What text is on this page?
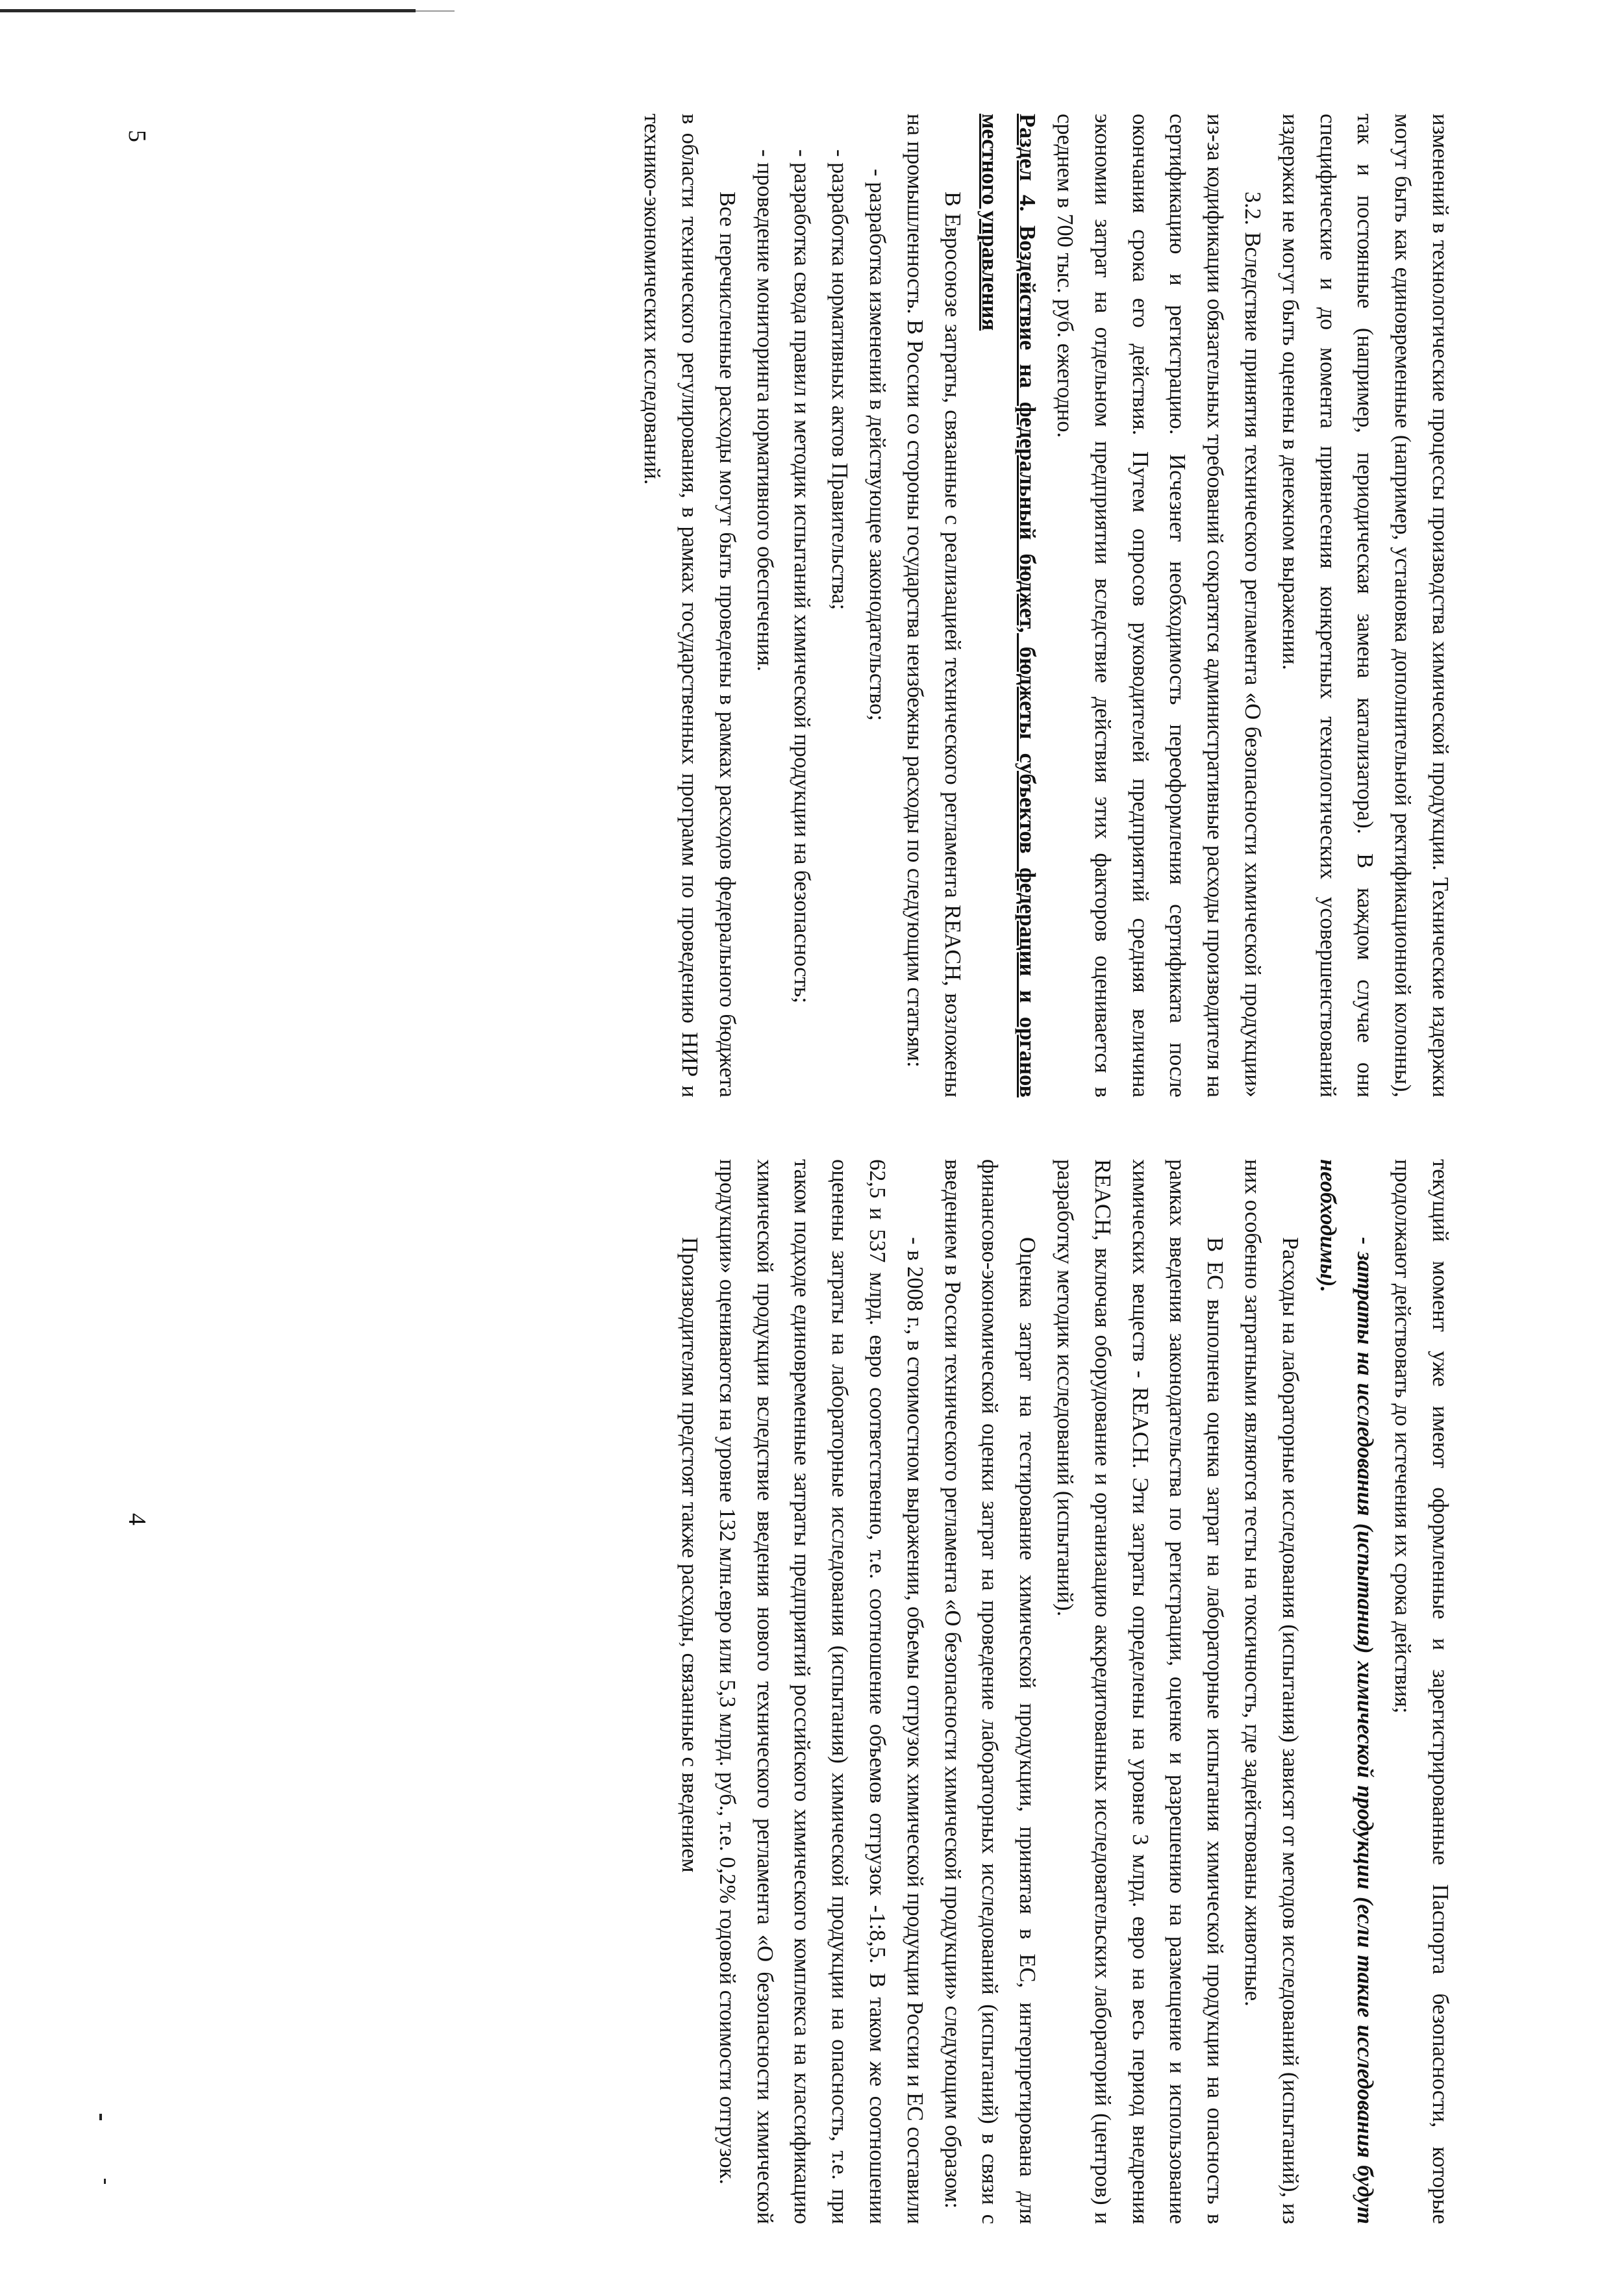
4
5

текущий момент уже имеют оформленные и зарегистрированные Паспорта безопасности, которые продолжают действовать до истечения их срока действия;

- затраты на исследования (испытания) химической продукции (если такие исследования будут необходимы).

Расходы на лабораторные исследования (испытания) зависят от методов исследований (испытаний), из них особенно затратными являются тесты на токсичность, где задействованы животные.

В ЕС выполнена оценка затрат на лабораторные испытания химической продукции на опасность в рамках введения законодательства по регистрации, оценке и разрешению на размещение и использование химических веществ - REACH. Эти затраты определены на уровне 3 млрд. евро на весь период внедрения REACH, включая оборудование и организацию аккредитованных исследовательских лабораторий (центров) и разработку методик исследований (испытаний).

Оценка затрат на тестирование химической продукции, принятая в ЕС, интерпретирована для финансово-экономической оценки затрат на проведение лабораторных исследований (испытаний) в связи с введением в России технического регламента «О безопасности химической продукции» следующим образом:

- в 2008 г., в стоимостном выражении, объемы отгрузок химической продукции России и ЕС составили 62,5 и 537 млрд. евро соответственно, т.е. соотношение объемов отгрузок -1:8,5. В таком же соотношении оценены затраты на лабораторные исследования (испытания) химической продукции на опасность, т.е. при таком подходе единовременные затраты предприятий российского химического комплекса на классификацию химической продукции вследствие введения нового технического регламента «О безопасности химической продукции» оцениваются на уровне 132 млн.евро или 5,3 млрд. руб., т.е. 0,2% годовой стоимости отгрузок.

Производителям предстоят также расходы, связанные с введением

изменений в технологические процессы производства химической продукции. Технические издержки могут быть как единовременные (например, установка дополнительной ректификационной колонны), так и постоянные (например, периодическая замена катализатора). В каждом случае они специфические и до момента привнесения конкретных технологических усовершенствований издержки не могут быть оценены в денежном выражении.

3.2. Вследствие принятия технического регламента «О безопасности химической продукции» из-за кодификации обязательных требований сократятся административные расходы производителя на сертификацию и регистрацию. Исчезнет необходимость переоформления сертификата после окончания срока его действия. Путем опросов руководителей предприятий средняя величина экономии затрат на отдельном предприятии вследствие действия этих факторов оценивается в среднем в 700 тыс. руб. ежегодно.

Раздел 4. Воздействие на федеральный бюджет, бюджеты субъектов федерации и органов местного управления

В Евросоюзе затраты, связанные с реализацией технического регламента REACH, возложены на промышленность. В России со стороны государства неизбежны расходы по следующим статьям:

- разработка изменений в действующее законодательство;

- разработка нормативных актов Правительства;

- разработка свода правил и методик испытаний химической продукции на безопасность;

- проведение мониторинга нормативного обеспечения.

Все перечисленные расходы могут быть проведены в рамках расходов федерального бюджета в области технического регулирования, в рамках государственных программ по проведению НИР и технико-экономических исследований.
